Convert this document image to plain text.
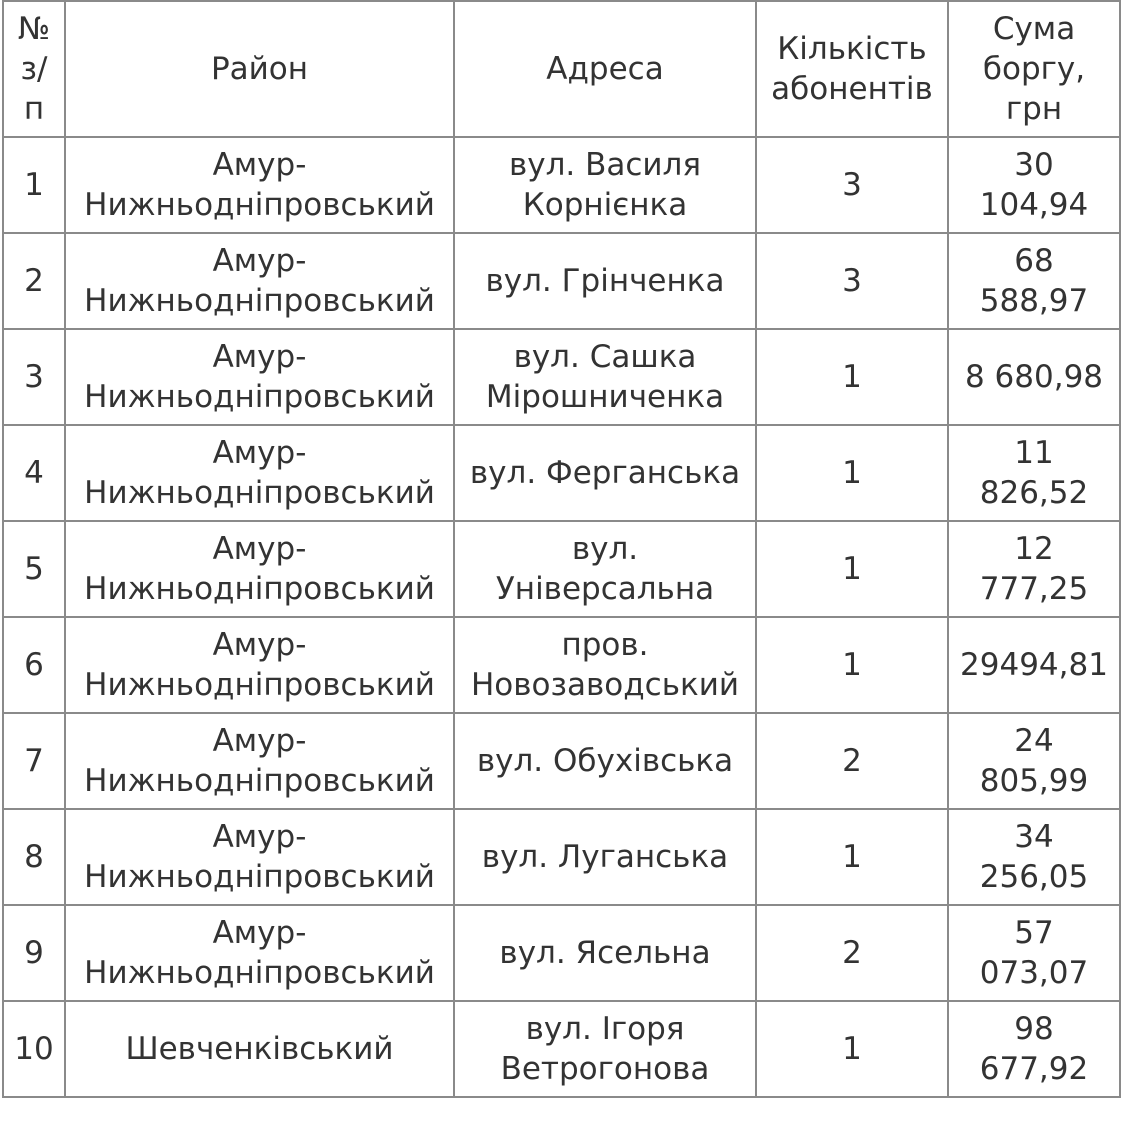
№
з/
п	Район	Адреса	Кількість
абонентів	Сума
боргу,
грн

1	Амур-
Нижньодніпровський	вул. Василя
Корнієнка	3	30
104,94

2	Амур-
Нижньодніпровський	вул. Грінченка	3	68
588,97

3	Амур-
Нижньодніпровський	вул. Сашка
Мірошниченка	1	8 680,98

4	Амур-
Нижньодніпровський	вул. Ферганська	1	11
826,52

5	Амур-
Нижньодніпровський	вул.
Універсальна	1	12
777,25

6	Амур-
Нижньодніпровський	пров.
Новозаводський	1	29494,81

7	Амур-
Нижньодніпровський	вул. Обухівська	2	24
805,99

8	Амур-
Нижньодніпровський	вул. Луганська	1	34
256,05

9	Амур-
Нижньодніпровський	вул. Ясельна	2	57
073,07

10	Шевченківський	вул. Ігоря
Ветрогонова	1	98
677,92
